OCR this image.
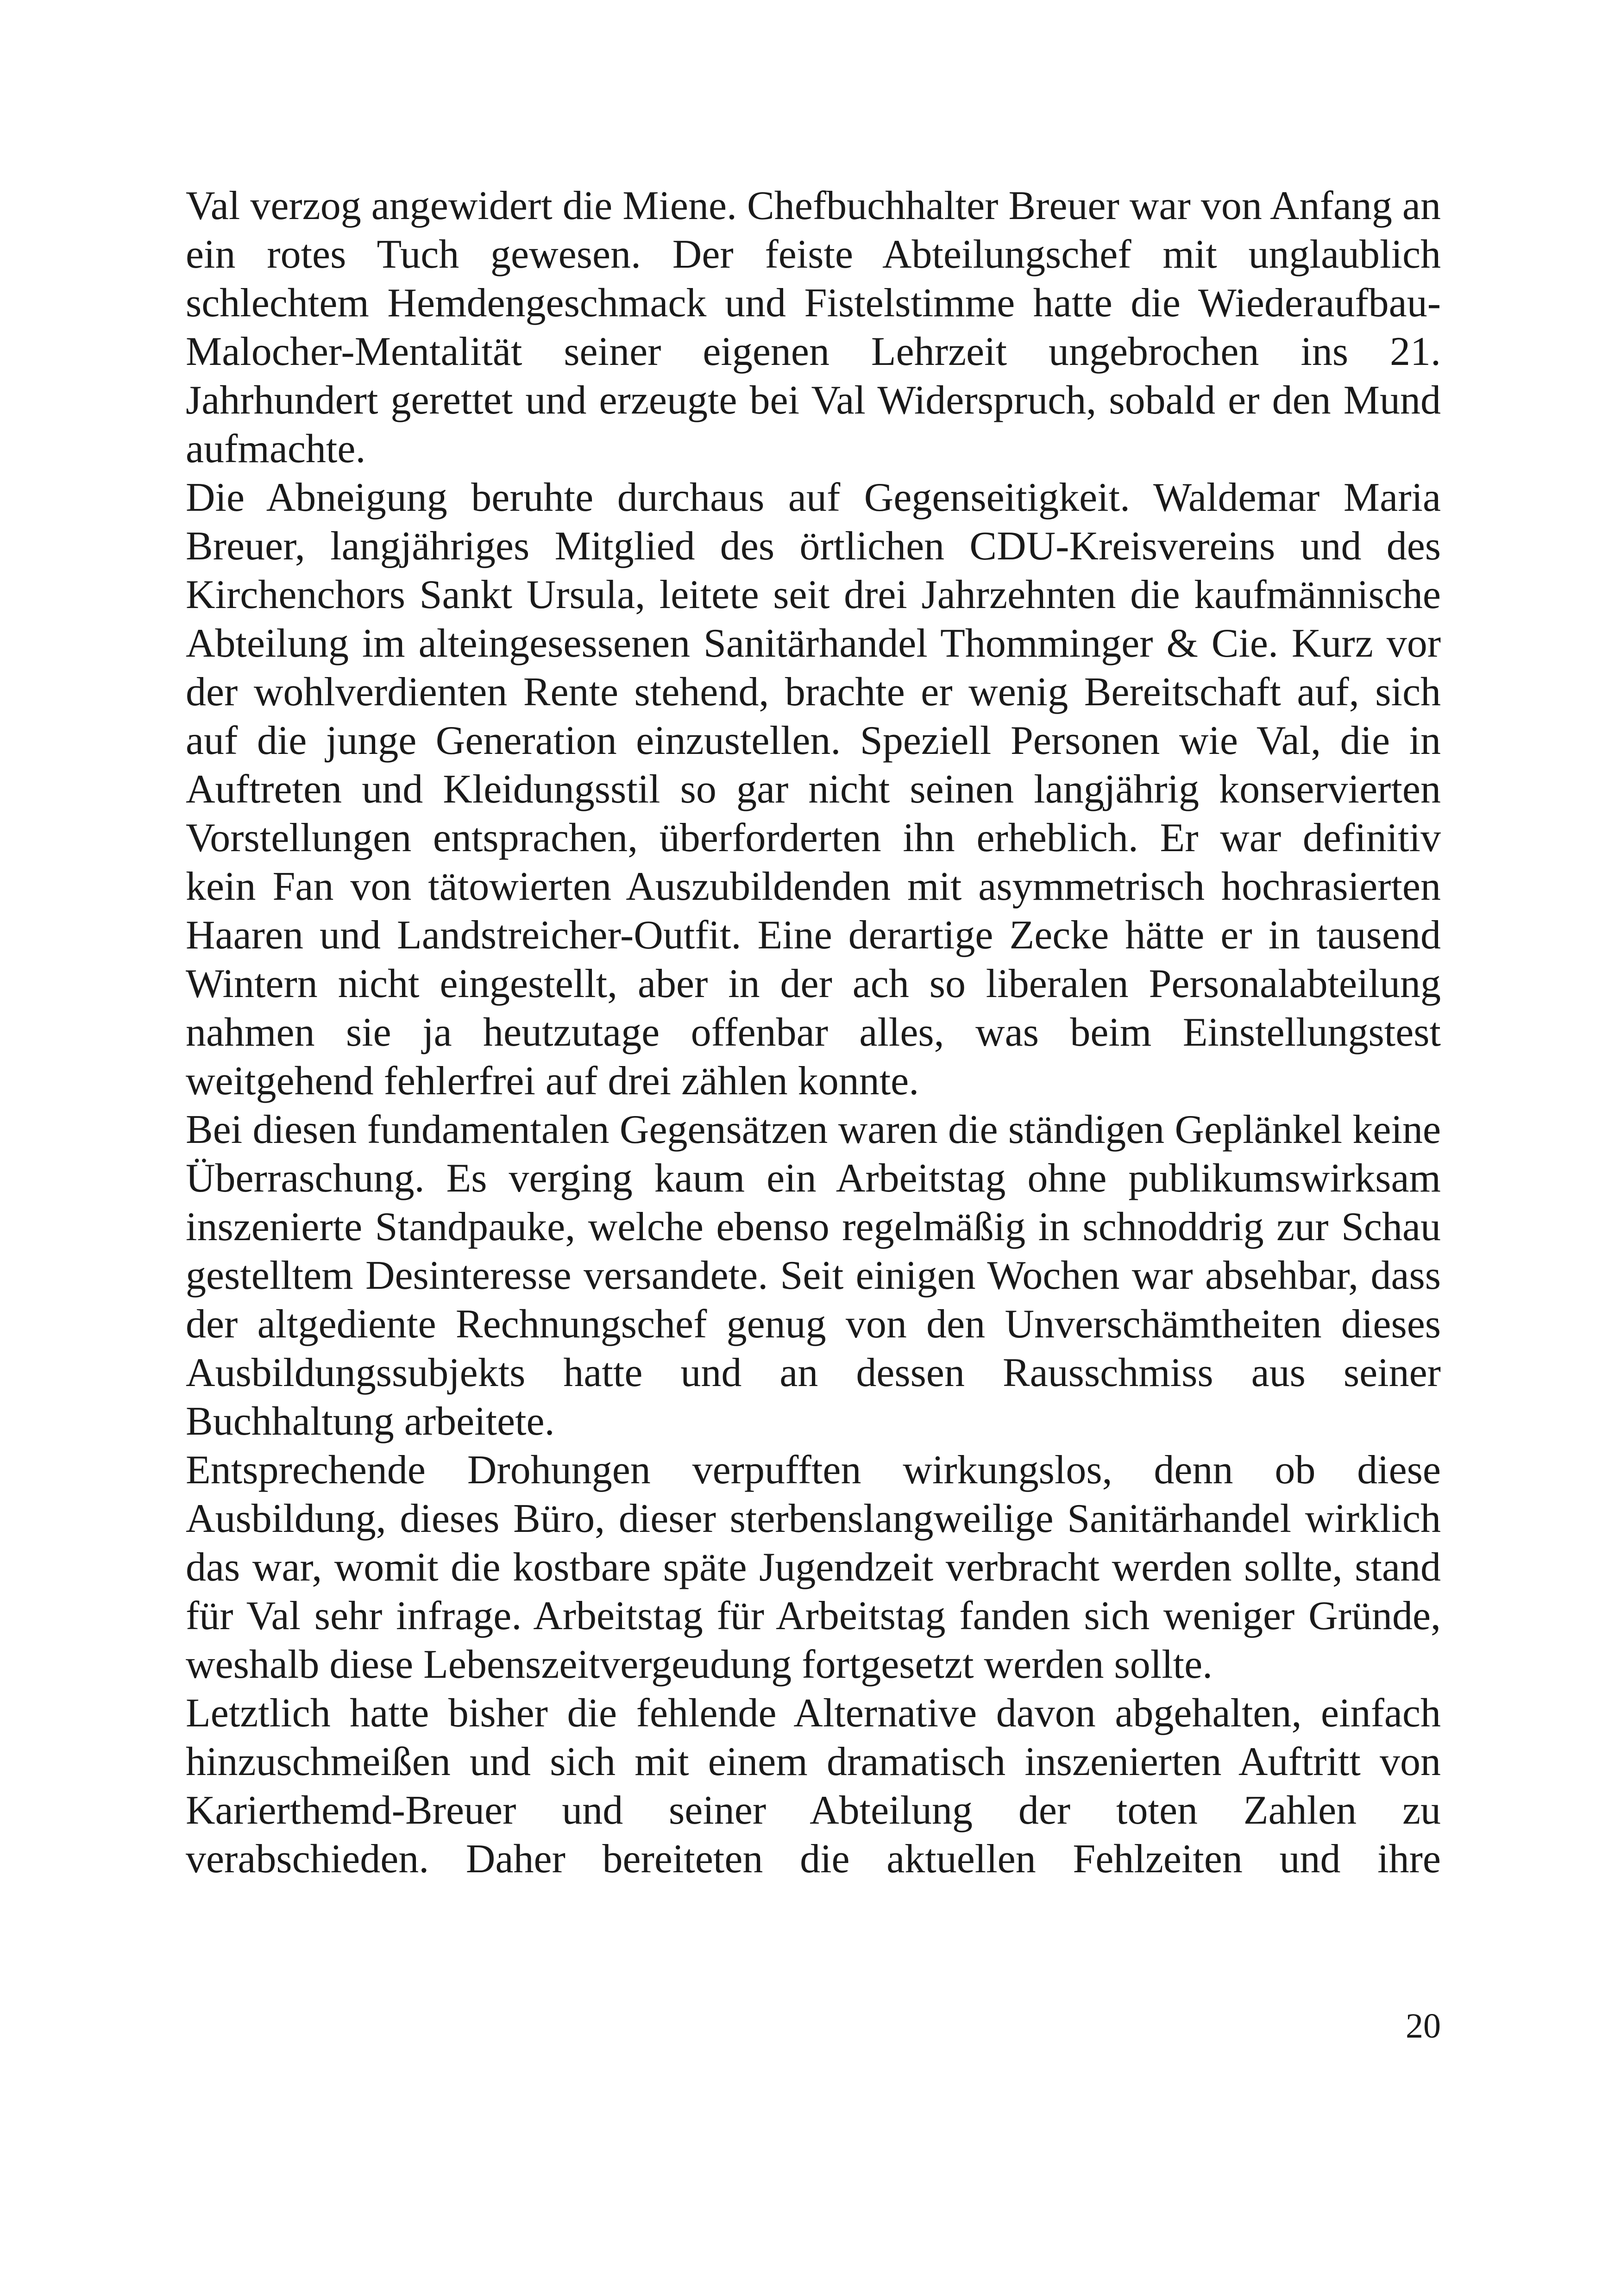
Val verzog angewidert die Miene. Chefbuchhalter Breuer war von Anfang an ein rotes Tuch gewesen. Der feiste Abteilungschef mit unglaublich schlechtem Hemdengeschmack und Fistelstimme hatte die Wiederaufbau-Malocher-Mentalität seiner eigenen Lehrzeit ungebrochen ins 21. Jahrhundert gerettet und erzeugte bei Val Widerspruch, sobald er den Mund aufmachte.

Die Abneigung beruhte durchaus auf Gegenseitigkeit. Waldemar Maria Breuer, langjähriges Mitglied des örtlichen CDU-Kreisvereins und des Kirchenchors Sankt Ursula, leitete seit drei Jahrzehnten die kaufmännische Abteilung im alteingesessenen Sanitärhandel Thomminger & Cie. Kurz vor der wohlverdienten Rente stehend, brachte er wenig Bereitschaft auf, sich auf die junge Generation einzustellen. Speziell Personen wie Val, die in Auftreten und Kleidungsstil so gar nicht seinen langjährig konservierten Vorstellungen entsprachen, überforderten ihn erheblich. Er war definitiv kein Fan von tätowierten Auszubildenden mit asymmetrisch hochrasierten Haaren und Landstreicher-Outfit. Eine derartige Zecke hätte er in tausend Wintern nicht eingestellt, aber in der ach so liberalen Personalabteilung nahmen sie ja heutzutage offenbar alles, was beim Einstellungstest weitgehend fehlerfrei auf drei zählen konnte.

Bei diesen fundamentalen Gegensätzen waren die ständigen Geplänkel keine Überraschung. Es verging kaum ein Arbeitstag ohne publikumswirksam inszenierte Standpauke, welche ebenso regelmäßig in schnoddrig zur Schau gestelltem Desinteresse versandete. Seit einigen Wochen war absehbar, dass der altgediente Rechnungschef genug von den Unverschämtheiten dieses Ausbildungssubjekts hatte und an dessen Rausschmiss aus seiner Buchhaltung arbeitete.

Entsprechende Drohungen verpufften wirkungslos, denn ob diese Ausbildung, dieses Büro, dieser sterbenslangweilige Sanitärhandel wirklich das war, womit die kostbare späte Jugendzeit verbracht werden sollte, stand für Val sehr infrage. Arbeitstag für Arbeitstag fanden sich weniger Gründe, weshalb diese Lebenszeitvergeudung fortgesetzt werden sollte.

Letztlich hatte bisher die fehlende Alternative davon abgehalten, einfach hinzuschmeißen und sich mit einem dramatisch inszenierten Auftritt von Karierthemd-Breuer und seiner Abteilung der toten Zahlen zu verabschieden. Daher bereiteten die aktuellen Fehlzeiten und ihre

20
